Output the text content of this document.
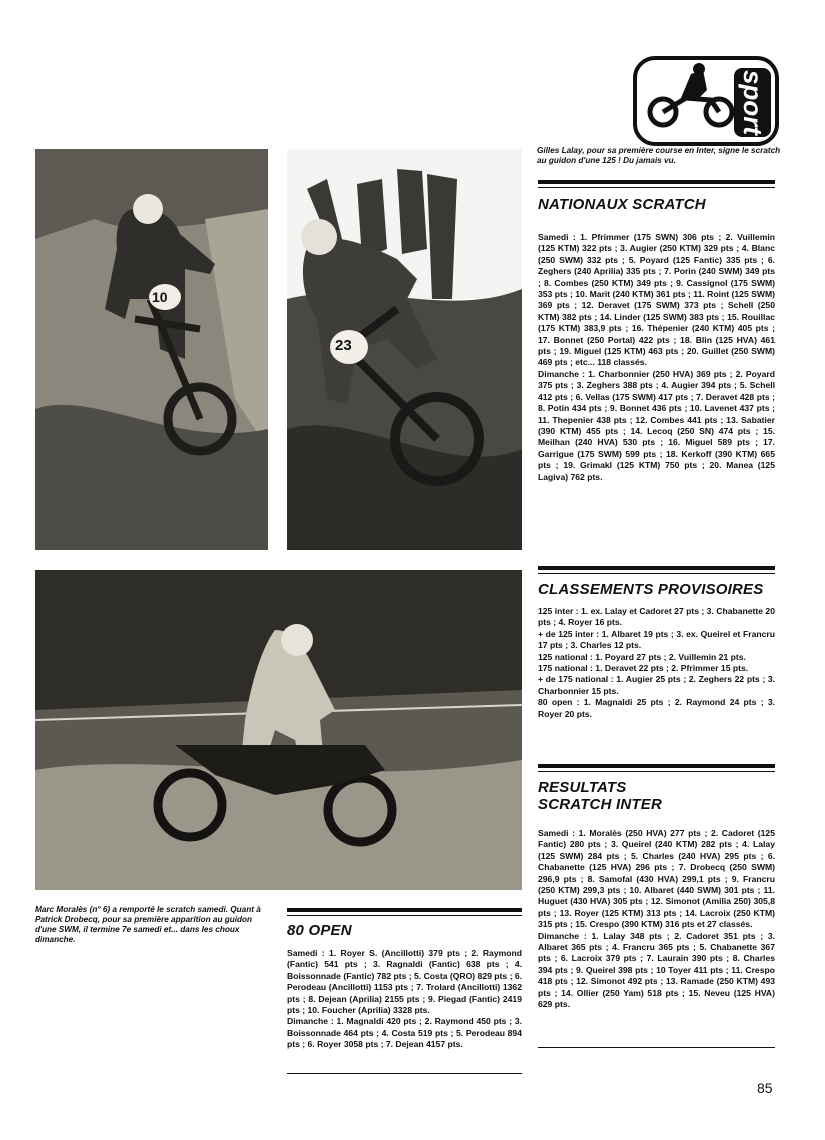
sport
Gilles Lalay, pour sa première course en Inter, signe le scratch au guidon d'une 125 ! Du jamais vu.
10
23
Marc Moralès (n° 6) a remporté le scratch samedi. Quant à Patrick Drobecq, pour sa première apparition au guidon d'une SWM, il termine 7e samedi et... dans les choux dimanche.
NATIONAUX SCRATCH

Samedi : 1. Pfrimmer (175 SWN) 306 pts ; 2. Vuillemin (125 KTM) 322 pts ; 3. Augier (250 KTM) 329 pts ; 4. Blanc (250 SWM) 332 pts ; 5. Poyard (125 Fantic) 335 pts ; 6. Zeghers (240 Aprilia) 335 pts ; 7. Porin (240 SWM) 349 pts ; 8. Combes (250 KTM) 349 pts ; 9. Cassignol (175 SWM) 353 pts ; 10. Marit (240 KTM) 361 pts ; 11. Roint (125 SWM) 369 pts ; 12. Deravet (175 SWM) 373 pts ; Schell (250 KTM) 382 pts ; 14. Linder (125 SWM) 383 pts ; 15. Rouillac (175 KTM) 383,9 pts ; 16. Thépenier (240 KTM) 405 pts ; 17. Bonnet (250 Portal) 422 pts ; 18. Blin (125 HVA) 461 pts ; 19. Miguel (125 KTM) 463 pts ; 20. Guillet (250 SWM) 469 pts ; etc... 118 classés.

Dimanche : 1. Charbonnier (250 HVA) 369 pts ; 2. Poyard 375 pts ; 3. Zeghers 388 pts ; 4. Augier 394 pts ; 5. Schell 412 pts ; 6. Vellas (175 SWM) 417 pts ; 7. Deravet 428 pts ; 8. Potin 434 pts ; 9. Bonnet 436 pts ; 10. Lavenet 437 pts ; 11. Thepenier 438 pts ; 12. Combes 441 pts ; 13. Sabatier (390 KTM) 455 pts ; 14. Lecoq (250 SN) 474 pts ; 15. Meilhan (240 HVA) 530 pts ; 16. Miguel 589 pts ; 17. Garrigue (175 SWM) 599 pts ; 18. Kerkoff (390 KTM) 665 pts ; 19. Grimakl (125 KTM) 750 pts ; 20. Manea (125 Lagiva) 762 pts.

CLASSEMENTS PROVISOIRES

125 inter : 1. ex. Lalay et Cadoret 27 pts ; 3. Chabanette 20 pts ; 4. Royer 16 pts.

+ de 125 inter : 1. Albaret 19 pts ; 3. ex. Queirel et Francru 17 pts ; 3. Charles 12 pts.

125 national : 1. Poyard 27 pts ; 2. Vuillemin 21 pts.

175 national : 1. Deravet 22 pts ; 2. Pfrimmer 15 pts.

+ de 175 national : 1. Augier 25 pts ; 2. Zeghers 22 pts ; 3. Charbonnier 15 pts.

80 open : 1. Magnaldi 25 pts ; 2. Raymond 24 pts ; 3. Royer 20 pts.

RESULTATS
SCRATCH INTER

Samedi : 1. Moralès (250 HVA) 277 pts ; 2. Cadoret (125 Fantic) 280 pts ; 3. Queirel (240 KTM) 282 pts ; 4. Lalay (125 SWM) 284 pts ; 5. Charles (240 HVA) 295 pts ; 6. Chabanette (125 HVA) 296 pts ; 7. Drobecq (250 SWM) 296,9 pts ; 8. Samofal (430 HVA) 299,1 pts ; 9. Francru (250 KTM) 299,3 pts ; 10. Albaret (440 SWM) 301 pts ; 11. Huguet (430 HVA) 305 pts ; 12. Simonot (Amilia 250) 305,8 pts ; 13. Royer (125 KTM) 313 pts ; 14. Lacroix (250 KTM) 315 pts ; 15. Crespo (390 KTM) 316 pts et 27 classés.

Dimanche : 1. Lalay 348 pts ; 2. Cadoret 351 pts ; 3. Albaret 365 pts ; 4. Francru 365 pts ; 5. Chabanette 367 pts ; 6. Lacroix 379 pts ; 7. Laurain 390 pts ; 8. Charles 394 pts ; 9. Queirel 398 pts ; 10 Toyer 411 pts ; 11. Crespo 418 pts ; 12. Simonot 492 pts ; 13. Ramade (250 KTM) 493 pts ; 14. Ollier (250 Yam) 518 pts ; 15. Neveu (125 HVA) 629 pts.

80 OPEN

Samedi : 1. Royer S. (Ancillotti) 379 pts ; 2. Raymond (Fantic) 541 pts ; 3. Ragnaldi (Fantic) 638 pts ; 4. Boissonnade (Fantic) 782 pts ; 5. Costa (QRO) 829 pts ; 6. Perodeau (Ancillotti) 1153 pts ; 7. Trolard (Ancillotti) 1362 pts ; 8. Dejean (Aprilia) 2155 pts ; 9. Piegad (Fantic) 2419 pts ; 10. Foucher (Aprilia) 3328 pts.

Dimanche : 1. Magnaldi 420 pts ; 2. Raymond 450 pts ; 3. Boissonnade 464 pts ; 4. Costa 519 pts ; 5. Perodeau 894 pts ; 6. Royer 3058 pts ; 7. Dejean 4157 pts.

85
